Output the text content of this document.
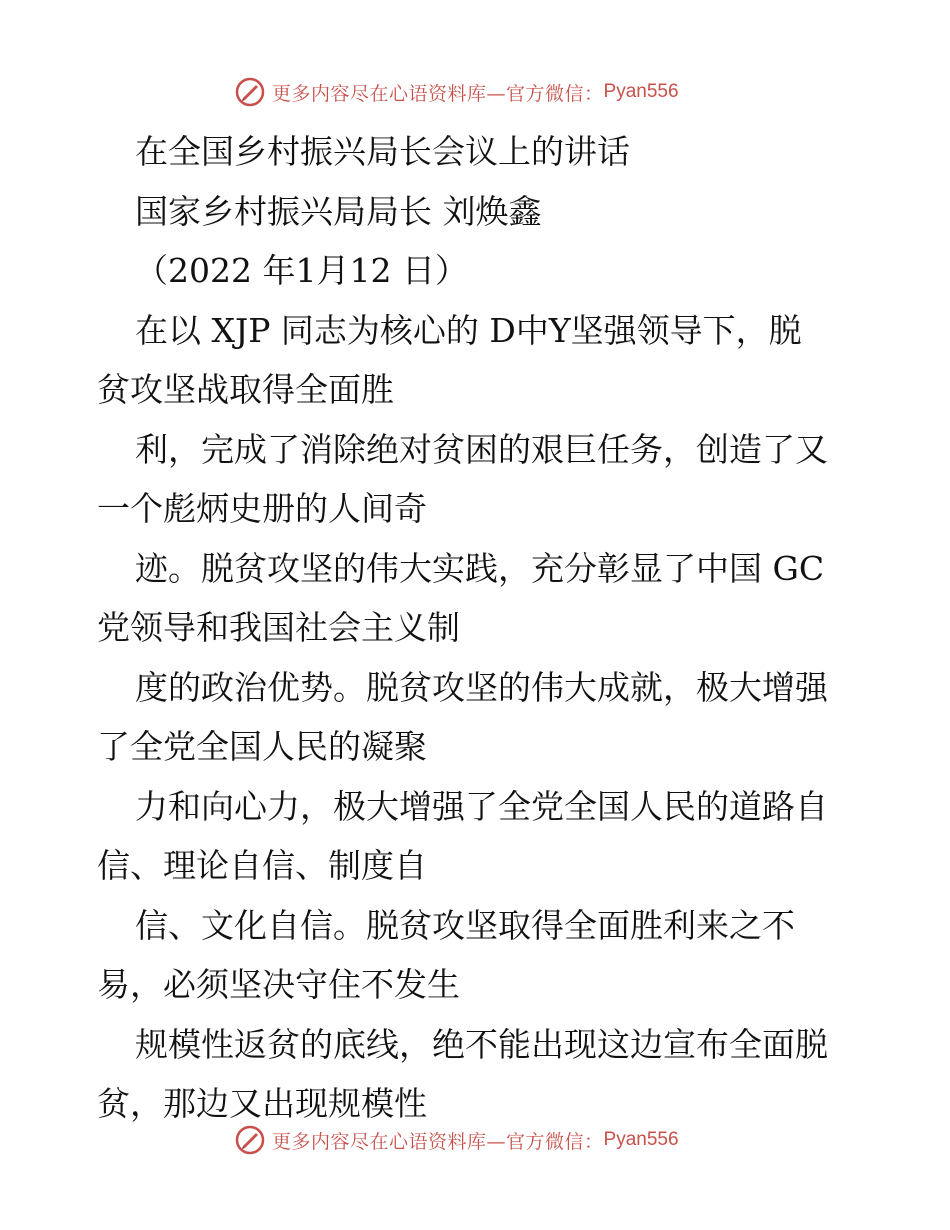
更多内容尽在心语资料库—官方微信： Pyan556
在全国乡村振兴局长会议上的讲话
国家乡村振兴局局长 刘焕鑫
（2022 年1月12 日）
在以 XJP 同志为核心的 D中Y坚强领导下，脱
贫攻坚战取得全面胜
利，完成了消除绝对贫困的艰巨任务，创造了又
一个彪炳史册的人间奇
迹。脱贫攻坚的伟大实践，充分彰显了中国 GC
党领导和我国社会主义制
度的政治优势。脱贫攻坚的伟大成就，极大增强
了全党全国人民的凝聚
力和向心力，极大增强了全党全国人民的道路自
信、理论自信、制度自
信、文化自信。脱贫攻坚取得全面胜利来之不
易，必须坚决守住不发生
规模性返贫的底线，绝不能出现这边宣布全面脱
贫，那边又出现规模性
更多内容尽在心语资料库—官方微信： Pyan556
